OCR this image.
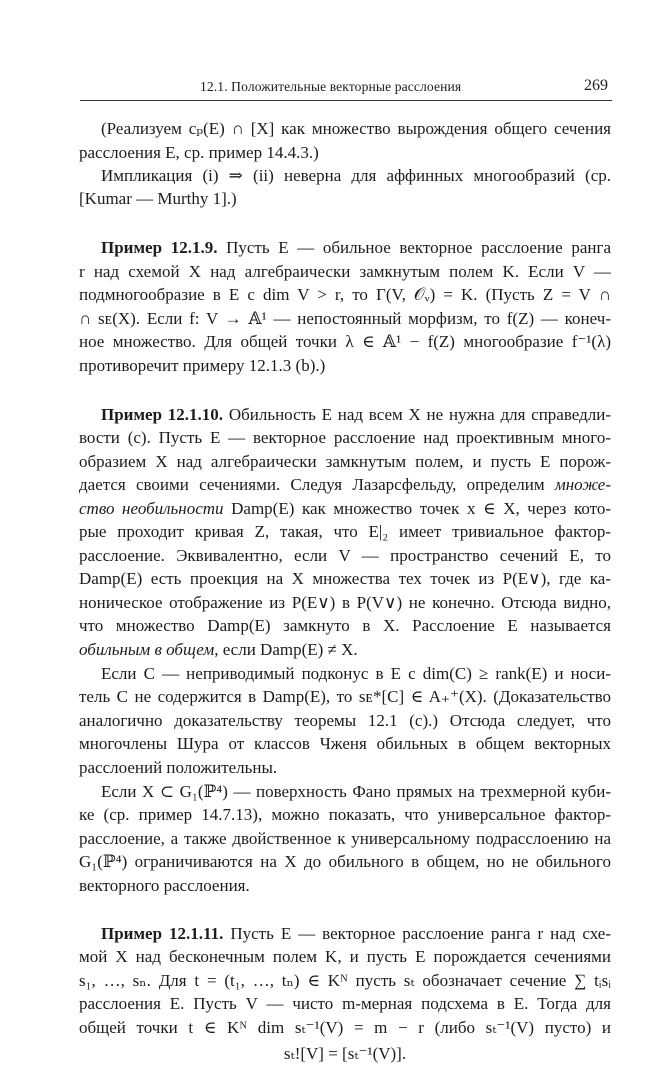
12.1. Положительные векторные расслоения	269
(Реализуем cₚ(E) ∩ [X] как множество вырождения общего сечения
расслоения E, ср. пример 14.4.3.)
Импликация (i) ⇒ (ii) неверна для аффинных многообразий (ср.
[Kumar — Murthy 1].)
Пример 12.1.9. Пусть E — обильное векторное расслоение ранга
r над схемой X над алгебраически замкнутым полем K. Если V —
подмногообразие в E с dim V > r, то Γ(V, 𝒪ᵥ) = K. (Пусть Z = V ∩
∩ sᴇ(X). Если f: V → 𝔸¹ — непостоянный морфизм, то f(Z) — конеч-
ное множество. Для общей точки λ ∈ 𝔸¹ − f(Z) многообразие f⁻¹(λ)
противоречит примеру 12.1.3 (b).)
Пример 12.1.10. Обильность E над всем X не нужна для справедли-
вости (c). Пусть E — векторное расслоение над проективным много-
образием X над алгебраически замкнутым полем, и пусть E порож-
дается своими сечениями. Следуя Лазарсфельду, определим множе-
ство необильности Damp(E) как множество точек x ∈ X, через кото-
рые проходит кривая Z, такая, что E|₂ имеет тривиальное фактор-
расслоение. Эквивалентно, если V — пространство сечений E, то
Damp(E) есть проекция на X множества тех точек из P(E∨), где ка-
ноническое отображение из P(E∨) в P(V∨) не конечно. Отсюда видно,
что множество Damp(E) замкнуто в X. Расслоение E называется
обильным в общем, если Damp(E) ≠ X.
Если C — неприводимый подконус в E с dim(C) ≥ rank(E) и носи-
тель C не содержится в Damp(E), то sᴇ*[C] ∈ A₊⁺(X). (Доказательство
аналогично доказательству теоремы 12.1 (c).) Отсюда следует, что
многочлены Шура от классов Чженя обильных в общем векторных
расслоений положительны.
Если X ⊂ G₁(ℙ⁴) — поверхность Фано прямых на трехмерной куби-
ке (ср. пример 14.7.13), можно показать, что универсальное фактор-
расслоение, а также двойственное к универсальному подрасслоению на
G₁(ℙ⁴) ограничиваются на X до обильного в общем, но не обильного
векторного расслоения.
Пример 12.1.11. Пусть E — векторное расслоение ранга r над схе-
мой X над бесконечным полем K, и пусть E порождается сечениями
s₁, …, sₙ. Для t = (t₁, …, tₙ) ∈ Kᴺ пусть sₜ обозначает сечение ∑ tᵢsᵢ
расслоения E. Пусть V — чисто m-мерная подсхема в E. Тогда для
общей точки t ∈ Kᴺ dim sₜ⁻¹(V) = m − r (либо sₜ⁻¹(V) пусто) и
sₜ![V] = [sₜ⁻¹(V)].
